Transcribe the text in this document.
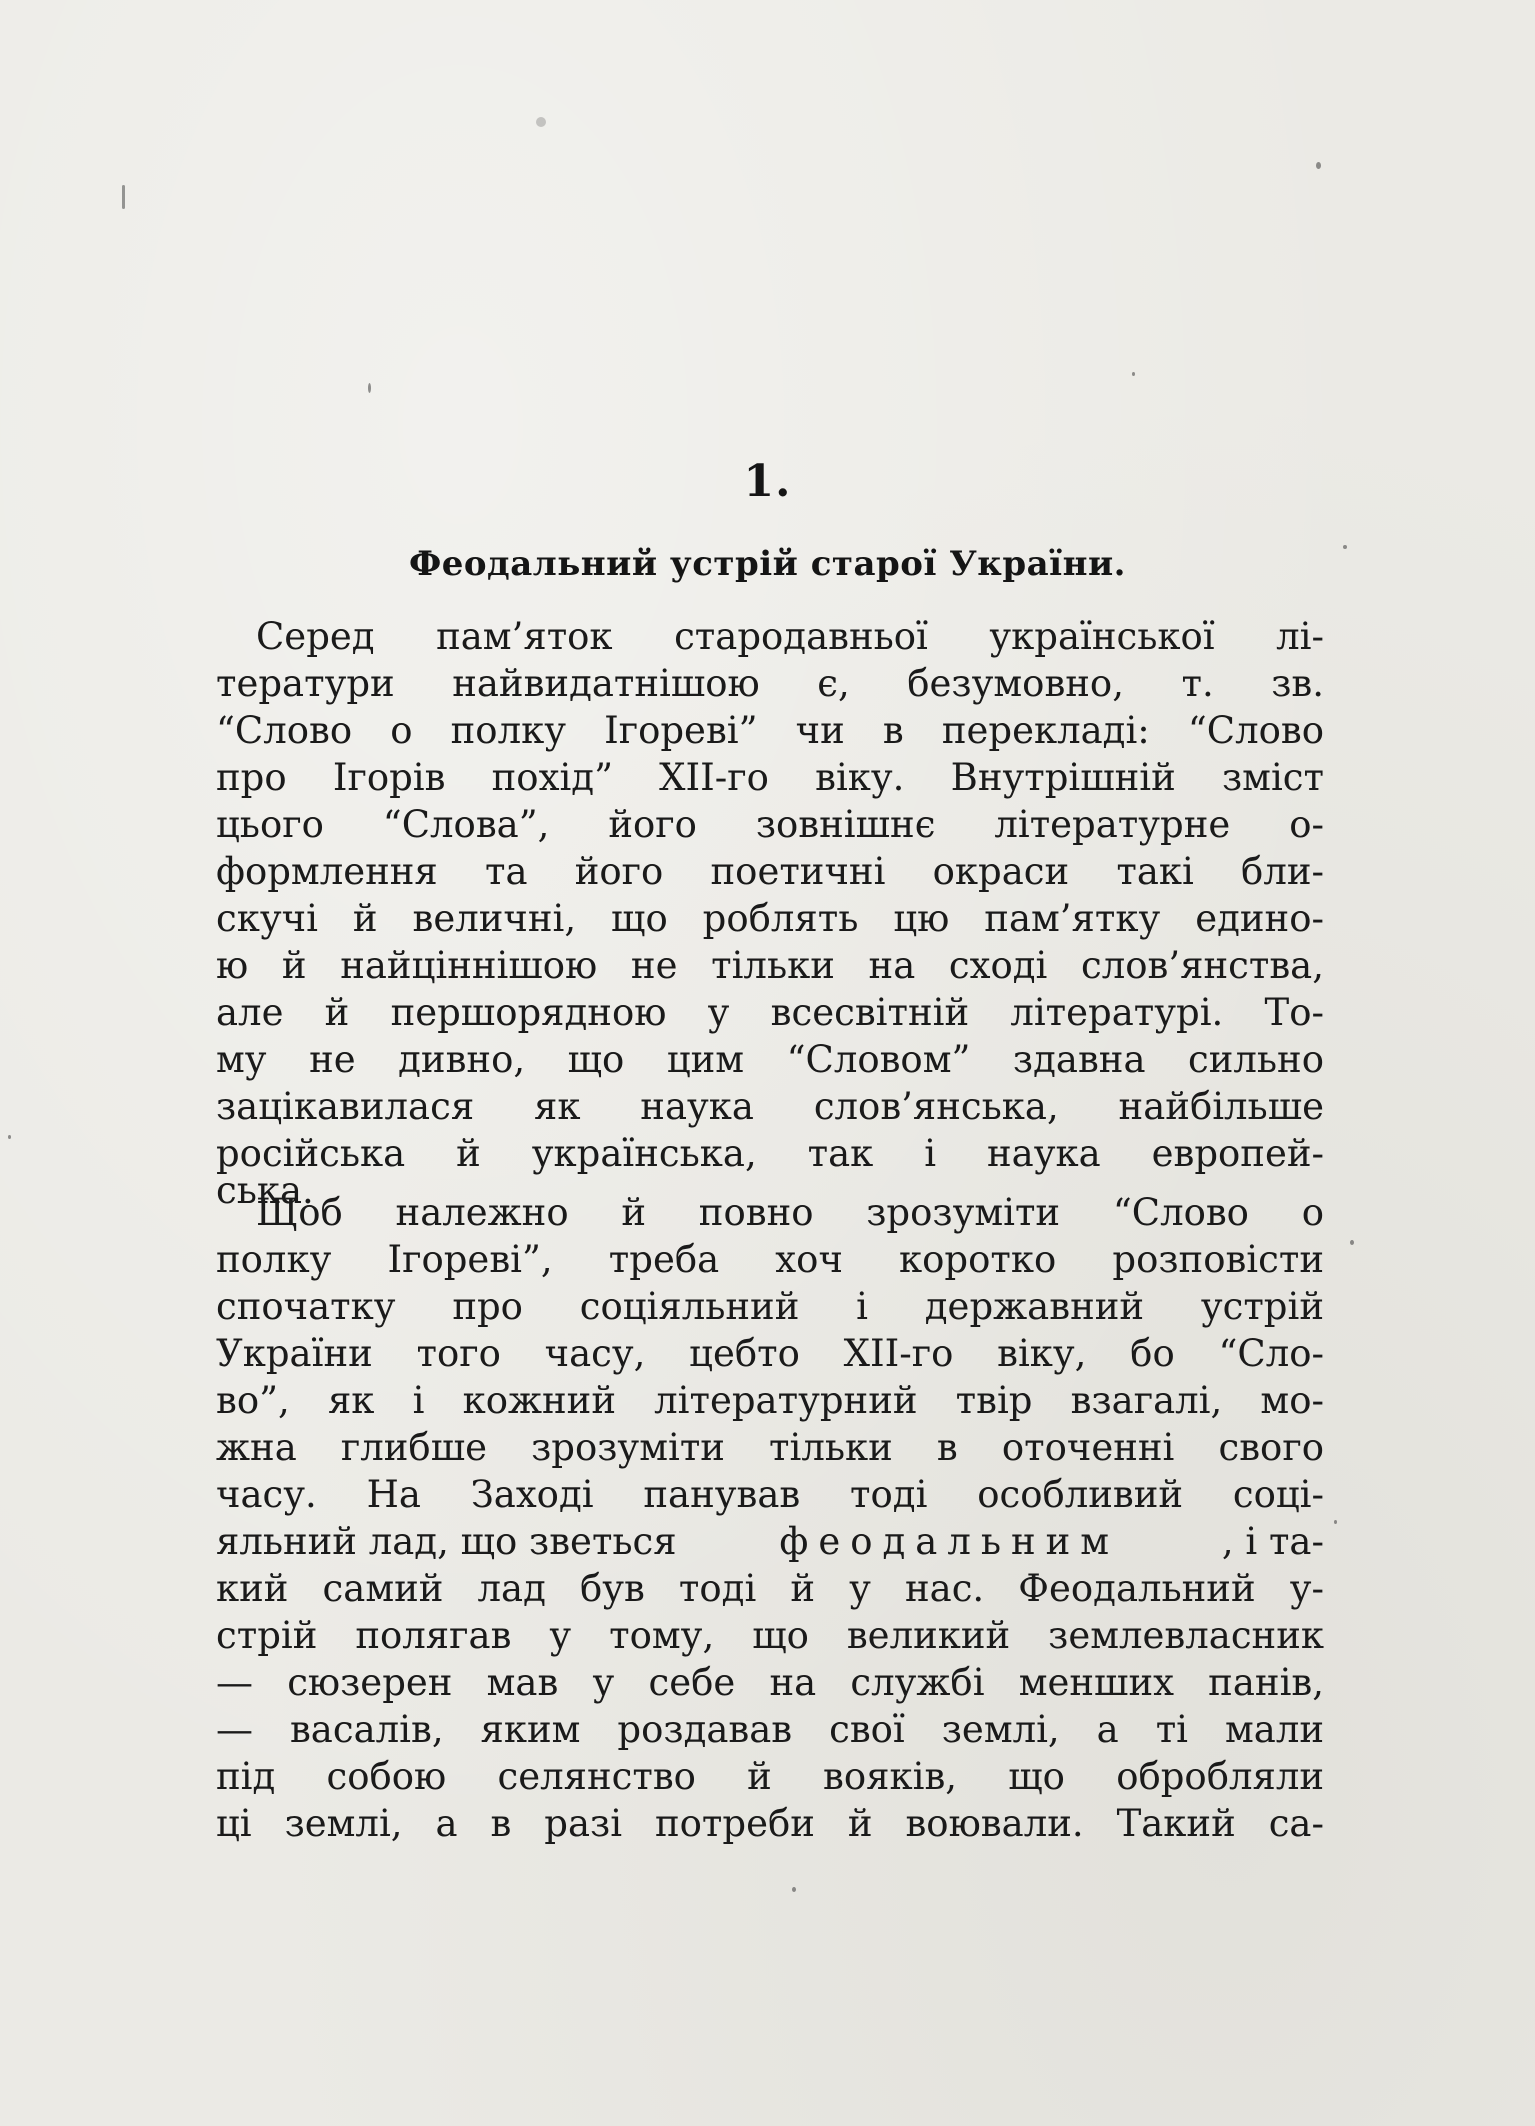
1.
Феодальний устрій старої України.
Серед пам’яток стародавньої української лі-
тератури найвидатнішою є, безумовно, т. зв.
“Слово о полку Ігореві” чи в перекладі: “Слово
про Ігорів похід” XII-го віку. Внутрішній зміст
цього “Слова”, його зовнішнє літературне о-
формлення та його поетичні окраси такі бли-
скучі й величні, що роблять цю пам’ятку едино-
ю й найціннішою не тільки на сході слов’янства,
але й першорядною у всесвітній літературі. То-
му не дивно, що цим “Словом” здавна сильно
зацікавилася як наука слов’янська, найбільше
російська й українська, так і наука европей-
ська.
Щоб належно й повно зрозуміти “Слово о
полку Ігореві”, треба хоч коротко розповісти
спочатку про соціяльний і державний устрій
України того часу, цебто XII-го віку, бо “Сло-
во”, як і кожний літературний твір взагалі, мо-
жна глибше зрозуміти тільки в оточенні свого
часу. На Заході панував тоді особливий соці-
яльний лад, що зветься	феодальним	, і та-
кий самий лад був тоді й у нас. Феодальний у-
стрій полягав у тому, що великий землевласник
— сюзерен мав у себе на службі менших панів,
— васалів, яким роздавав свої землі, а ті мали
під собою селянство й вояків, що обробляли
ці землі, а в разі потреби й воювали. Такий са-
